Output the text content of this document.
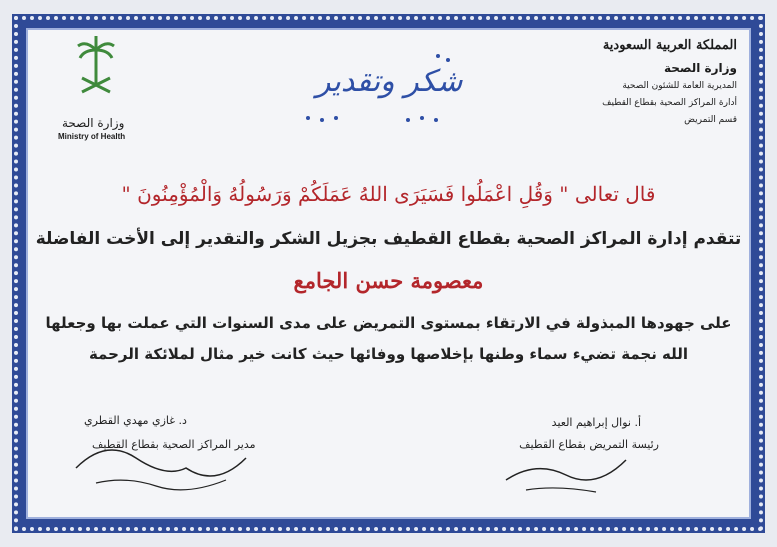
المملكة العربية السعودية
وزارة الصحة
المديرية العامة للشئون الصحية
أدارة المراكز الصحية بقطاع القطيف
قسم التمريض
وزارة الصحة
Ministry of Health
شكر وتقدير
قال تعالى " وَقُلِ اعْمَلُوا فَسَيَرَى اللهُ عَمَلَكُمْ وَرَسُولُهُ وَالْمُؤْمِنُونَ "
تتقدم إدارة المراكز الصحية بقطاع القطيف بجزيل الشكر والتقدير إلى الأخت الفاضلة
معصومة حسن الجامع
على جهودها المبذولة في الارتقاء بمستوى التمريض على مدى السنوات التي عملت بها وجعلها
الله نجمة تضيء سماء وطنها بإخلاصها ووفائها حيث كانت خير مثال لملائكة الرحمة
أ. نوال إبراهيم العيد
رئيسة التمريض بقطاع القطيف
د. غازي مهدي القطري
مدير المراكز الصحية بقطاع القطيف
